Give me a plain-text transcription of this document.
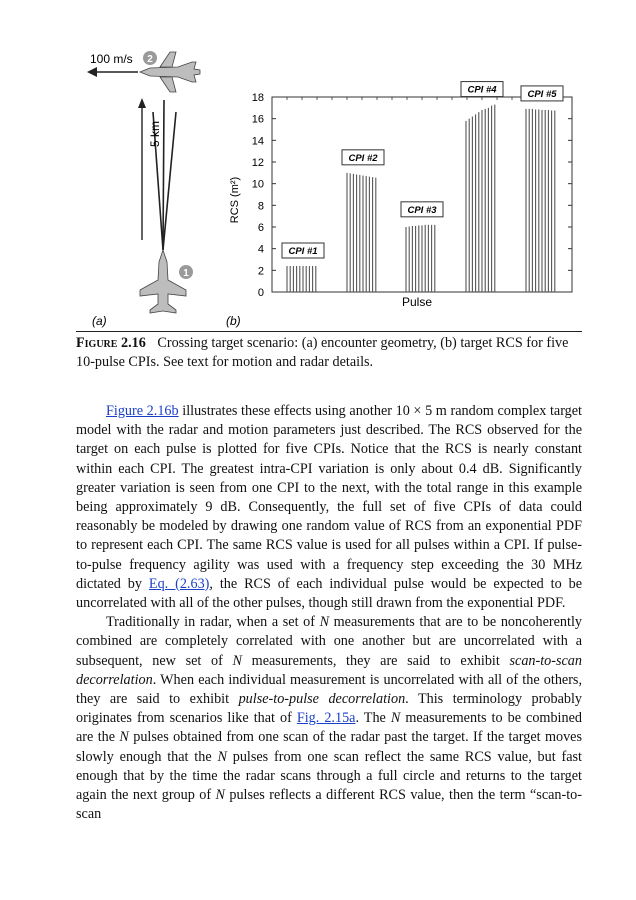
5 km
100 m/s 2
1
(a)	(b)
0
2
4
6
8
10
12
14
16
18
RCS (m²)
Pulse
CPI #1
CPI #2
CPI #3
CPI #4	CPI #5
Figure 2.16 Crossing target scenario: (a) encounter geometry, (b) target RCS for five 10-pulse CPIs. See text for motion and radar details.

Figure 2.16b illustrates these effects using another 10 × 5 m random complex target model with the radar and motion parameters just described. The RCS observed for the target on each pulse is plotted for five CPIs. Notice that the RCS is nearly constant within each CPI. The greatest intra-CPI variation is only about 0.4 dB. Significantly greater variation is seen from one CPI to the next, with the total range in this example being approximately 9 dB. Consequently, the full set of five CPIs of data could reasonably be modeled by drawing one random value of RCS from an exponential PDF to represent each CPI. The same RCS value is used for all pulses within a CPI. If pulse-to-pulse frequency agility was used with a frequency step exceeding the 30 MHz dictated by Eq. (2.63), the RCS of each individual pulse would be expected to be uncorrelated with all of the other pulses, though still drawn from the exponential PDF.

Traditionally in radar, when a set of N measurements that are to be noncoherently combined are completely correlated with one another but are uncorrelated with a subsequent, new set of N measurements, they are said to exhibit scan-to-scan decorrelation. When each individual measurement is uncorrelated with all of the others, they are said to exhibit pulse-to-pulse decorrelation. This terminology probably originates from scenarios like that of Fig. 2.15a. The N measurements to be combined are the N pulses obtained from one scan of the radar past the target. If the target moves slowly enough that the N pulses from one scan reflect the same RCS value, but fast enough that by the time the radar scans through a full circle and returns to the target again the next group of N pulses reflects a different RCS value, then the term “scan-to-scan
